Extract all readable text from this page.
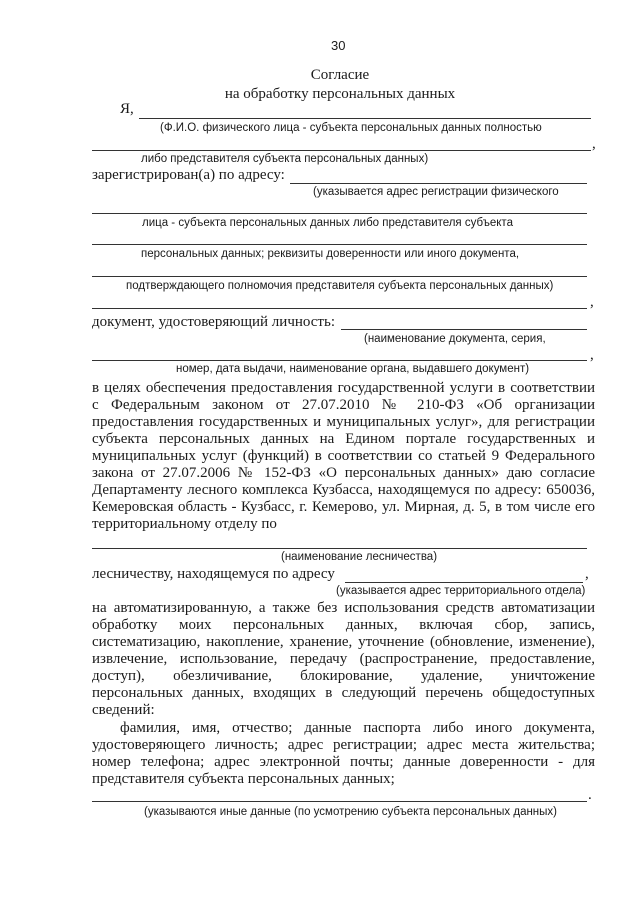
30
Согласие
на обработку персональных данных
Я,
(Ф.И.О. физического лица - субъекта персональных данных полностью
,
либо представителя субъекта персональных данных)
зарегистрирован(а) по адресу:
(указывается адрес регистрации физического
лица - субъекта персональных данных либо представителя субъекта
персональных данных; реквизиты доверенности или иного документа,
подтверждающего полномочия представителя субъекта персональных данных)
,
документ, удостоверяющий личность:
(наименование документа, серия,
,
номер, дата выдачи, наименование органа, выдавшего документ)
в целях обеспечения предоставления государственной услуги в соответствии
с Федеральным законом от 27.07.2010 № 210-ФЗ «Об организации
предоставления государственных и муниципальных услуг», для регистрации
субъекта персональных данных на Едином портале государственных и
муниципальных услуг (функций) в соответствии со статьей 9 Федерального
закона от 27.07.2006 № 152-ФЗ «О персональных данных» даю согласие
Департаменту лесного комплекса Кузбасса, находящемуся по адресу: 650036,
Кемеровская область - Кузбасс, г. Кемерово, ул. Мирная, д. 5, в том числе его
территориальному отделу по
(наименование лесничества)
лесничеству, находящемуся по адресу	,
(указывается адрес территориального отдела)
на автоматизированную, а также без использования средств автоматизации
обработку моих персональных данных, включая сбор, запись,
систематизацию, накопление, хранение, уточнение (обновление, изменение),
извлечение, использование, передачу (распространение, предоставление,
доступ), обезличивание, блокирование, удаление, уничтожение
персональных данных, входящих в следующий перечень общедоступных
сведений:
фамилия, имя, отчество; данные паспорта либо иного документа,
удостоверяющего личность; адрес регистрации; адрес места жительства;
номер телефона; адрес электронной почты; данные доверенности - для
представителя субъекта персональных данных;
.
(указываются иные данные (по усмотрению субъекта персональных данных)
